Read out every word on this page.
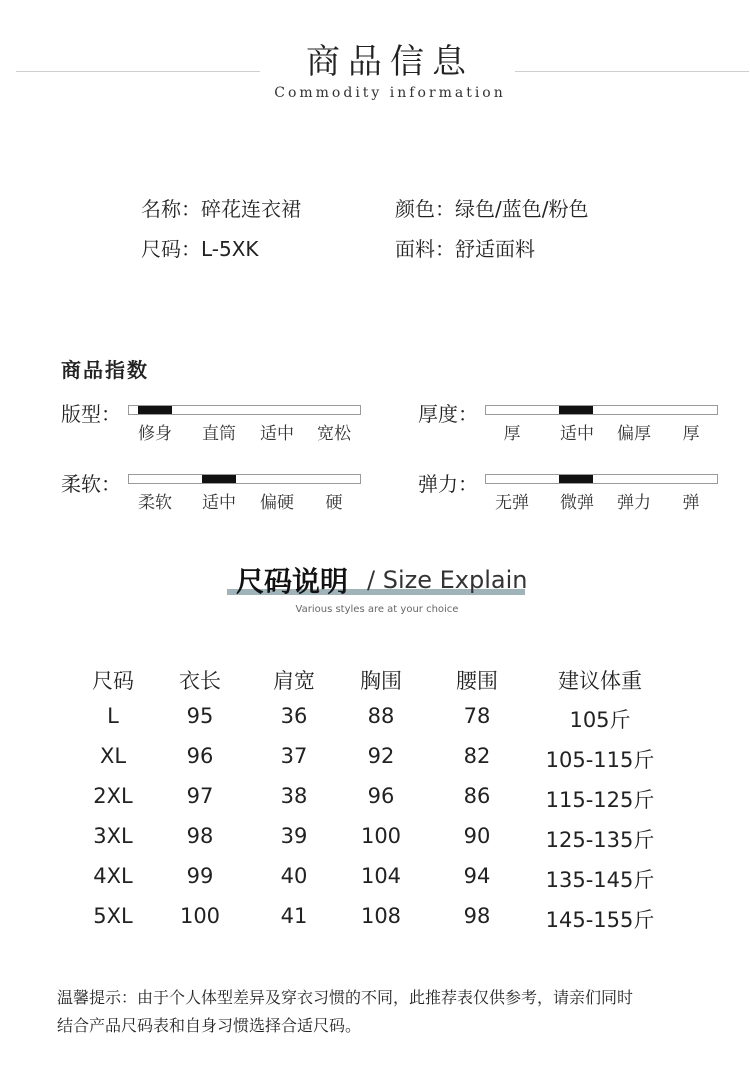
商品信息
Commodity information
名称：碎花连衣裙	颜色：绿色/蓝色/粉色
尺码：L-5XK	面料：舒适面料
商品指数
版型：
修身 直筒 适中 宽松
厚度：
厚 适中 偏厚 厚
柔软：
柔软 适中 偏硬 硬
弹力：
无弹 微弹 弹力 弹
尺码说明 / Size Explain
Various styles are at your choice
尺码 衣长 肩宽 胸围	腰围	建议体重
L	95	36	88	78	105斤
XL	96	37	92	82	105-115斤
2XL	97	38	96	86	115-125斤
3XL	98	39	100	90	125-135斤
4XL	99	40	104	94	135-145斤
5XL 100	41	108	98	145-155斤
温馨提示：由于个人体型差异及穿衣习惯的不同，此推荐表仅供参考，请亲们同时
结合产品尺码表和自身习惯选择合适尺码。
